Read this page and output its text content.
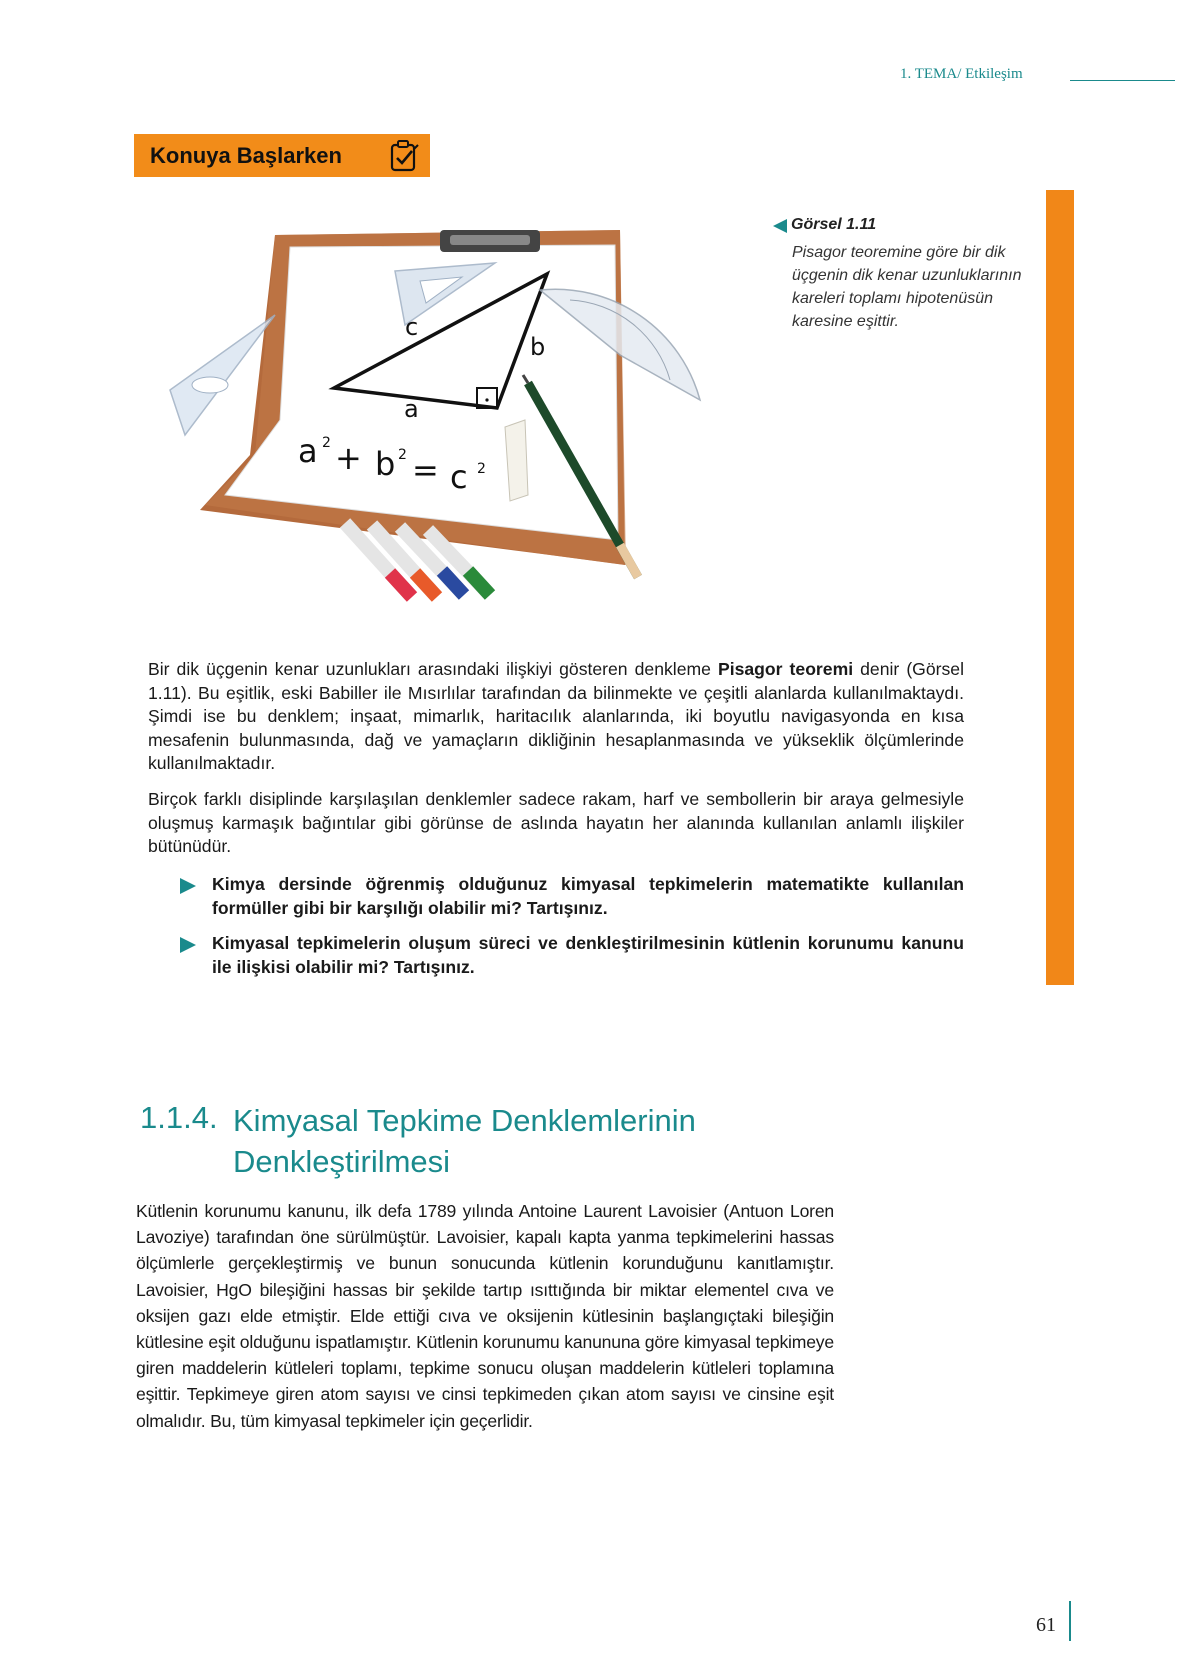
1. TEMA/ Etkileşim
Konuya Başlarken
c
b
a
a 2 + b 2 = c 2
Görsel 1.11
Pisagor teoremine göre bir dik üçgenin dik kenar uzunluklarının kareleri toplamı hipotenüsün karesine eşittir.
Bir dik üçgenin kenar uzunlukları arasındaki ilişkiyi gösteren denkleme Pisagor teoremi denir (Görsel 1.11). Bu eşitlik, eski Babiller ile Mısırlılar tarafından da bilinmekte ve çeşitli alanlarda kullanılmaktaydı. Şimdi ise bu denklem; inşaat, mimarlık, haritacılık alanlarında, iki boyutlu navigasyonda en kısa mesafenin bulunmasında, dağ ve yamaçların dikliğinin hesaplanmasında ve yükseklik ölçümlerinde kullanılmaktadır.
Birçok farklı disiplinde karşılaşılan denklemler sadece rakam, harf ve sembollerin bir araya gelmesiyle oluşmuş karmaşık bağıntılar gibi görünse de aslında hayatın her alanında kullanılan anlamlı ilişkiler bütünüdür.
Kimya dersinde öğrenmiş olduğunuz kimyasal tepkimelerin matematikte kullanılan formüller gibi bir karşılığı olabilir mi? Tartışınız.
Kimyasal tepkimelerin oluşum süreci ve denkleştirilmesinin kütlenin korunumu kanunu ile ilişkisi olabilir mi? Tartışınız.
1.1.4. Kimyasal Tepkime Denklemlerinin Denkleştirilmesi
Kütlenin korunumu kanunu, ilk defa 1789 yılında Antoine Laurent Lavoisier (Antuon Loren Lavoziye) tarafından öne sürülmüştür. Lavoisier, kapalı kapta yanma tepkimelerini hassas ölçümlerle gerçekleştirmiş ve bunun sonucunda kütlenin korunduğunu kanıtlamıştır. Lavoisier, HgO bileşiğini hassas bir şekilde tartıp ısıttığında bir miktar elementel cıva ve oksijen gazı elde etmiştir. Elde ettiği cıva ve oksijenin kütlesinin başlangıçtaki bileşiğin kütlesine eşit olduğunu ispatlamıştır. Kütlenin korunumu kanununa göre kimyasal tepkimeye giren maddelerin kütleleri toplamı, tepkime sonucu oluşan maddelerin kütleleri toplamına eşittir. Tepkimeye giren atom sayısı ve cinsi tepkimeden çıkan atom sayısı ve cinsine eşit olmalıdır. Bu, tüm kimyasal tepkimeler için geçerlidir.
61
